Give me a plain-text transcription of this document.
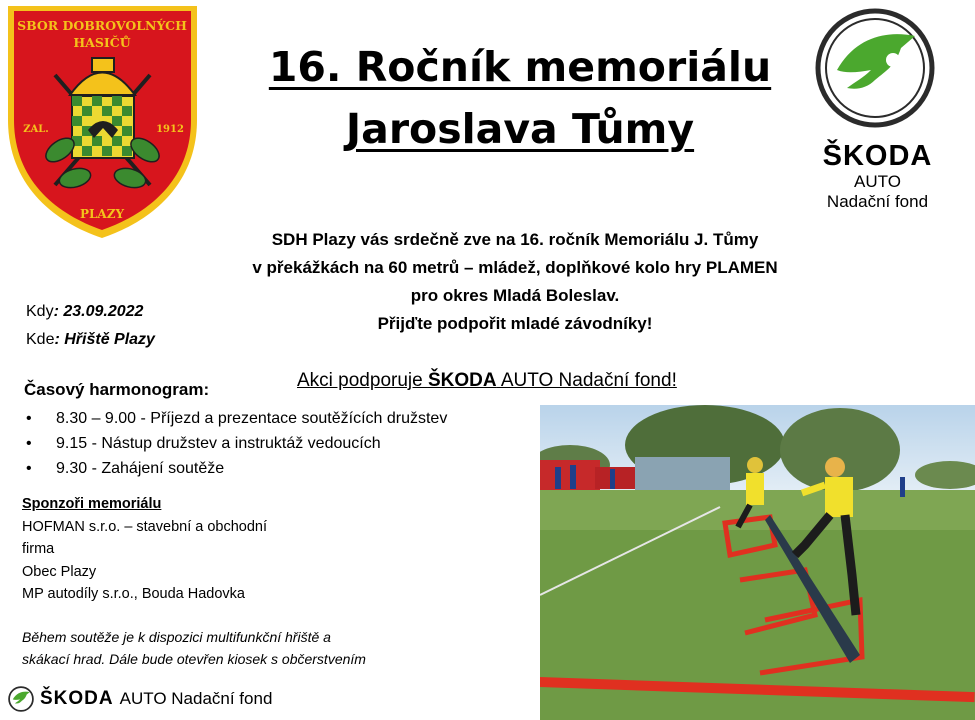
SBOR DOBROVOLNÝCH
HASIČŮ
ZAL.	1912
PLAZY
16. Ročník memoriálu
Jaroslava Tůmy
ŠKODA
AUTO
Nadační fond
SDH Plazy vás srdečně zve na 16. ročník Memoriálu J. Tůmy
v překážkách na 60 metrů – mládež, doplňkové kolo hry PLAMEN
pro okres Mladá Boleslav.
Přijďte podpořit mladé závodníky!
Kdy: 23.09.2022
Kde: Hřiště Plazy
Akci podporuje ŠKODA AUTO Nadační fond!
Časový harmonogram:
• 8.30 – 9.00 - Příjezd a prezentace soutěžících družstev
• 9.15 - Nástup družstev a instruktáž vedoucích
• 9.30 - Zahájení soutěže
Sponzoři memoriálu
HOFMAN s.r.o. – stavební a obchodní
firma
Obec Plazy
MP autodíly s.r.o., Bouda Hadovka
Během soutěže je k dispozici multifunkční hřiště a
skákací hrad. Dále bude otevřen kiosek s občerstvením
ŠKODA AUTO Nadační fond
